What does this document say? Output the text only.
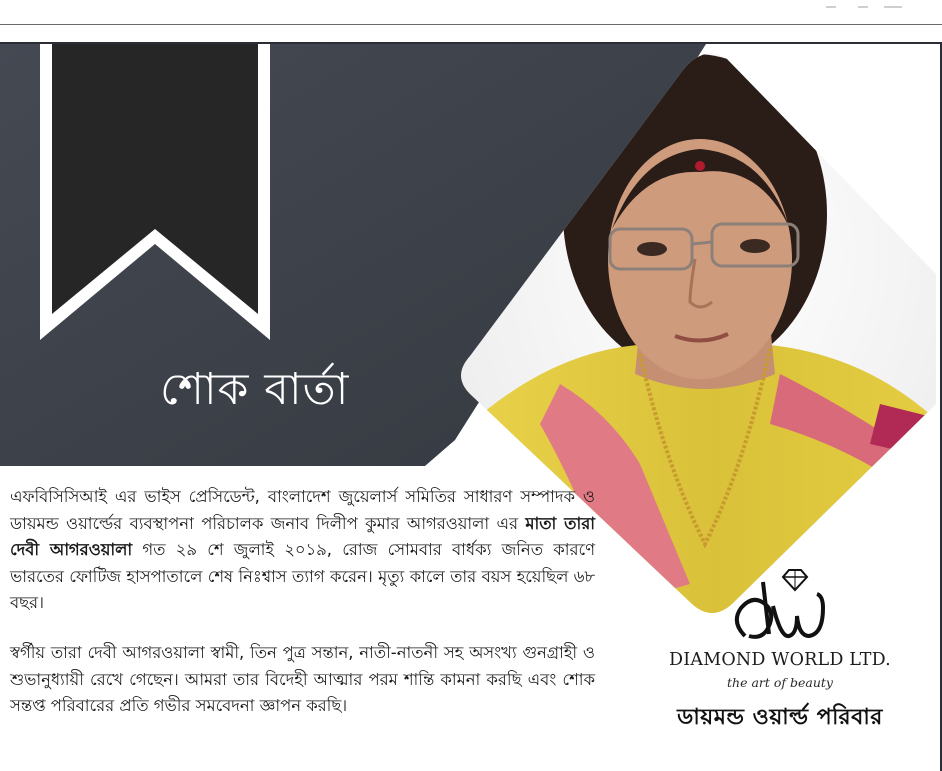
শোক বার্তা

এফবিসিসিআই এর ভাইস প্রেসিডেন্ট, বাংলাদেশ জুয়েলার্স সমিতির সাধারণ সম্পাদক ও ডায়মন্ড ওয়ার্ল্ডের ব্যবস্থাপনা পরিচালক জনাব দিলীপ কুমার আগরওয়ালা এর মাতা তারা দেবী আগরওয়ালা গত ২৯ শে জুলাই ২০১৯, রোজ সোমবার বার্ধক্য জনিত কারণে ভারতের ফোটিজ হাসপাতালে শেষ নিঃশ্বাস ত্যাগ করেন। মৃত্যু কালে তার বয়স হয়েছিল ৬৮ বছর।

স্বর্গীয় তারা দেবী আগরওয়ালা স্বামী, তিন পুত্র সন্তান, নাতী-নাতনী সহ অসংখ্য গুনগ্রাহী ও শুভানুধ্যায়ী রেখে গেছেন। আমরা তার বিদেহী আত্মার পরম শান্তি কামনা করছি এবং শোক সন্তপ্ত পরিবারের প্রতি গভীর সমবেদনা জ্ঞাপন করছি।

DIAMOND WORLD LTD.
the art of beauty
ডায়মন্ড ওয়ার্ল্ড পরিবার
